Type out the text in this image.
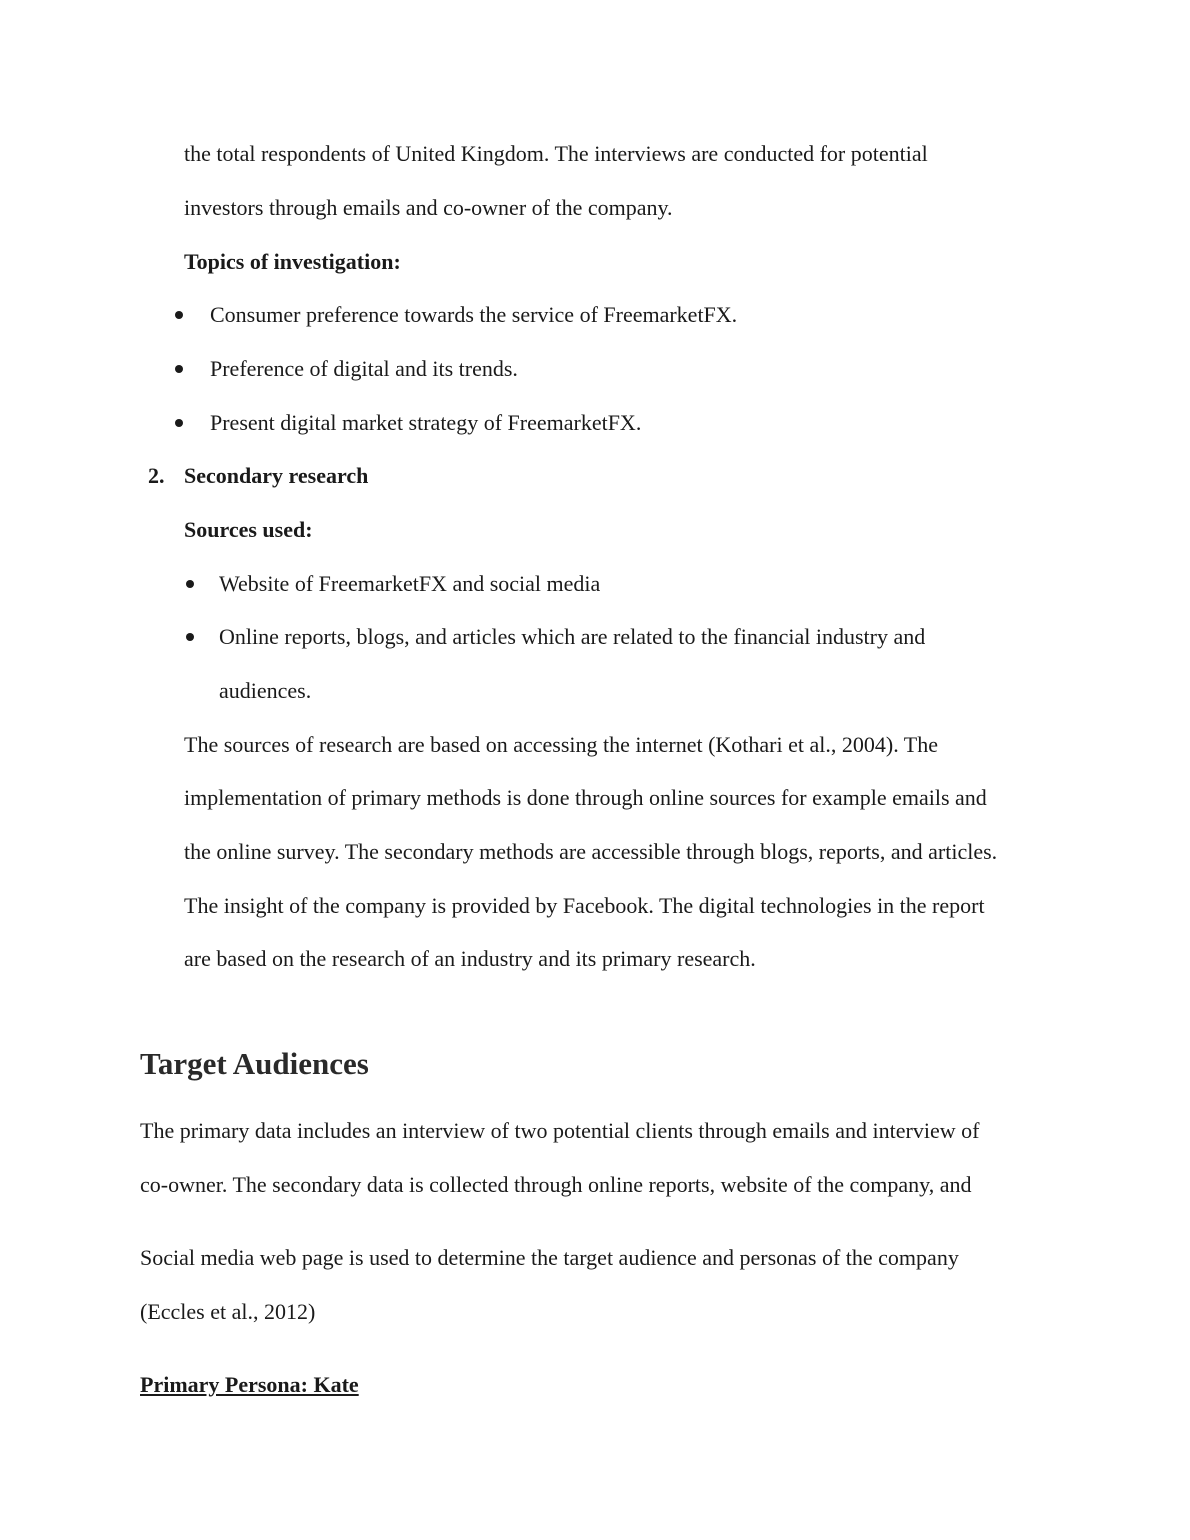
the total respondents of United Kingdom. The interviews are conducted for potential
investors through emails and co-owner of the company.
Topics of investigation:
Consumer preference towards the service of FreemarketFX.
Preference of digital and its trends.
Present digital market strategy of FreemarketFX.
2. Secondary research
Sources used:
Website of FreemarketFX and social media
Online reports, blogs, and articles which are related to the financial industry and
audiences.
The sources of research are based on accessing the internet (Kothari et al., 2004). The
implementation of primary methods is done through online sources for example emails and
the online survey. The secondary methods are accessible through blogs, reports, and articles.
The insight of the company is provided by Facebook. The digital technologies in the report
are based on the research of an industry and its primary research.
Target Audiences
The primary data includes an interview of two potential clients through emails and interview of
co-owner. The secondary data is collected through online reports, website of the company, and
Social media web page is used to determine the target audience and personas of the company
(Eccles et al., 2012)
Primary Persona: Kate
